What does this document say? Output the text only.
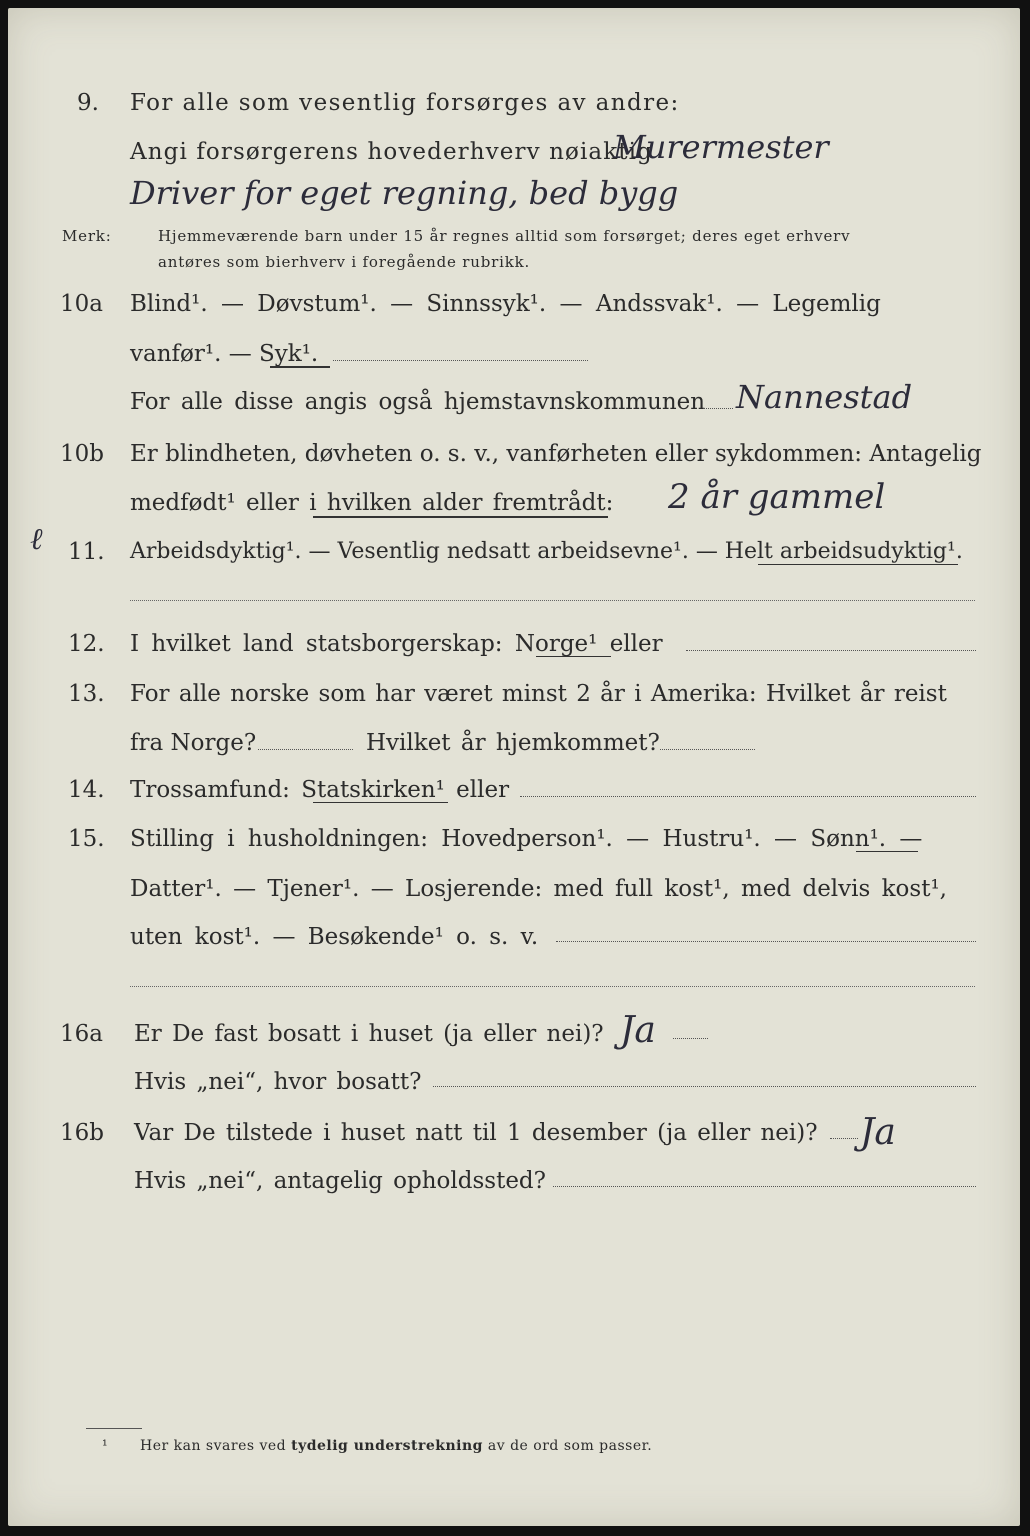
9. For alle som vesentlig forsørges av andre:
Angi forsørgerens hovederhverv nøiaktig
Murermester
Driver for eget regning, bed bygg
Merk:	Hjemmeværende barn under 15 år regnes alltid som forsørget; deres eget erhverv
antøres som bierhverv i foregående rubrikk.
10a Blind¹. — Døvstum¹. — Sinnssyk¹. — Andssvak¹. — Legemlig
vanfør¹. — Syk¹.
For alle disse angis også hjemstavnskommunen Nannestad
10b Er blindheten, døvheten o. s. v., vanførheten eller sykdommen: Antagelig
medfødt¹ eller i hvilken alder fremtrådt: 2 år gammel
ℓ 11. Arbeidsdyktig¹. — Vesentlig nedsatt arbeidsevne¹. — Helt arbeidsudyktig¹.
12. I hvilket land statsborgerskap: Norge¹ eller
13. For alle norske som har været minst 2 år i Amerika: Hvilket år reist
fra Norge?	Hvilket år hjemkommet?
14. Trossamfund: Statskirken¹ eller
15. Stilling i husholdningen: Hovedperson¹. — Hustru¹. — Sønn¹. —
Datter¹. — Tjener¹. — Losjerende: med full kost¹, med delvis kost¹,
uten kost¹. — Besøkende¹ o. s. v.
16a Er De fast bosatt i huset (ja eller nei)? Ja
Hvis „nei“, hvor bosatt?
16b Var De tilstede i huset natt til 1 desember (ja eller nei)? Ja
Hvis „nei“, antagelig opholdssted?
¹ Her kan svares ved tydelig understrekning av de ord som passer.
